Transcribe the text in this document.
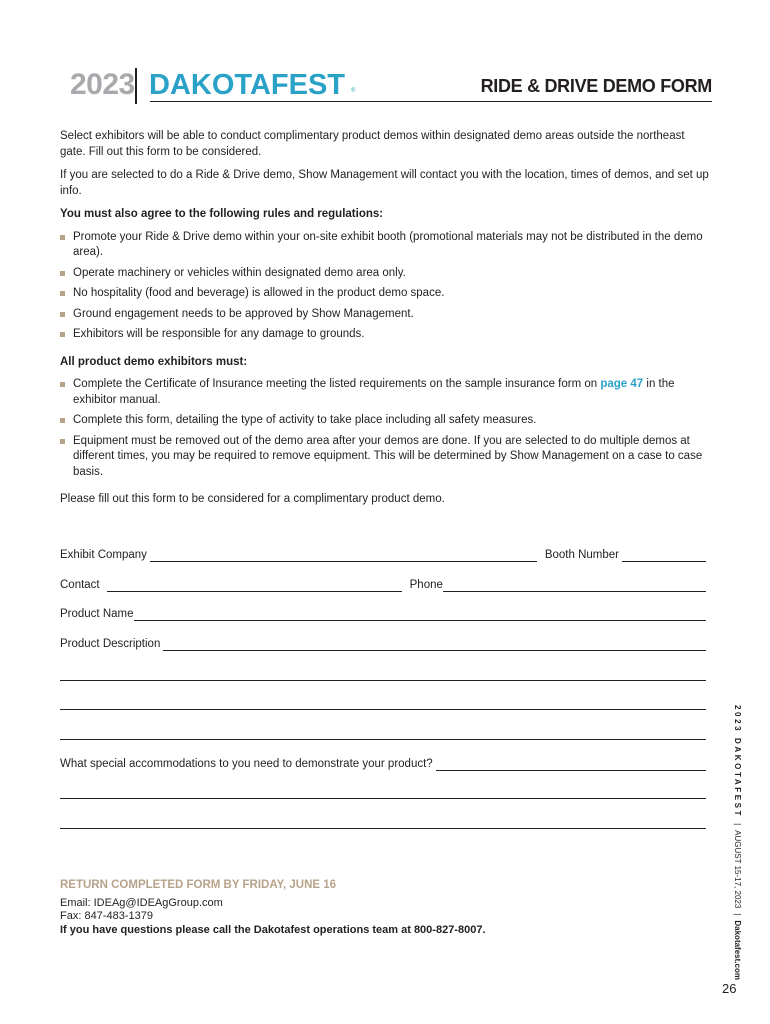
2023 DAKOTAFEST ®	RIDE & DRIVE DEMO FORM

Select exhibitors will be able to conduct complimentary product demos within designated demo areas outside the northeast gate. Fill out this form to be considered.

If you are selected to do a Ride & Drive demo, Show Management will contact you with the location, times of demos, and set up info.

You must also agree to the following rules and regulations:
Promote your Ride & Drive demo within your on-site exhibit booth (promotional materials may not be distributed in the demo area).
Operate machinery or vehicles within designated demo area only.
No hospitality (food and beverage) is allowed in the product demo space.
Ground engagement needs to be approved by Show Management.
Exhibitors will be responsible for any damage to grounds.
All product demo exhibitors must:
Complete the Certificate of Insurance meeting the listed requirements on the sample insurance form on page 47 in the exhibitor manual.
Complete this form, detailing the type of activity to take place including all safety measures.
Equipment must be removed out of the demo area after your demos are done. If you are selected to do multiple demos at different times, you may be required to remove equipment. This will be determined by Show Management on a case to case basis.

Please fill out this form to be considered for a complimentary product demo.

Exhibit Company	Booth Number
Contact	Phone
Product Name
Product Description
What special accommodations to you need to demonstrate your product?
RETURN COMPLETED FORM BY FRIDAY, JUNE 16
Email: IDEAg@IDEAgGroup.com
Fax: 847-483-1379
If you have questions please call the Dakotafest operations team at 800-827-8007.
2023 DAKOTAFEST|AUGUST 15-17, 2023|Dakotafest.com
26
